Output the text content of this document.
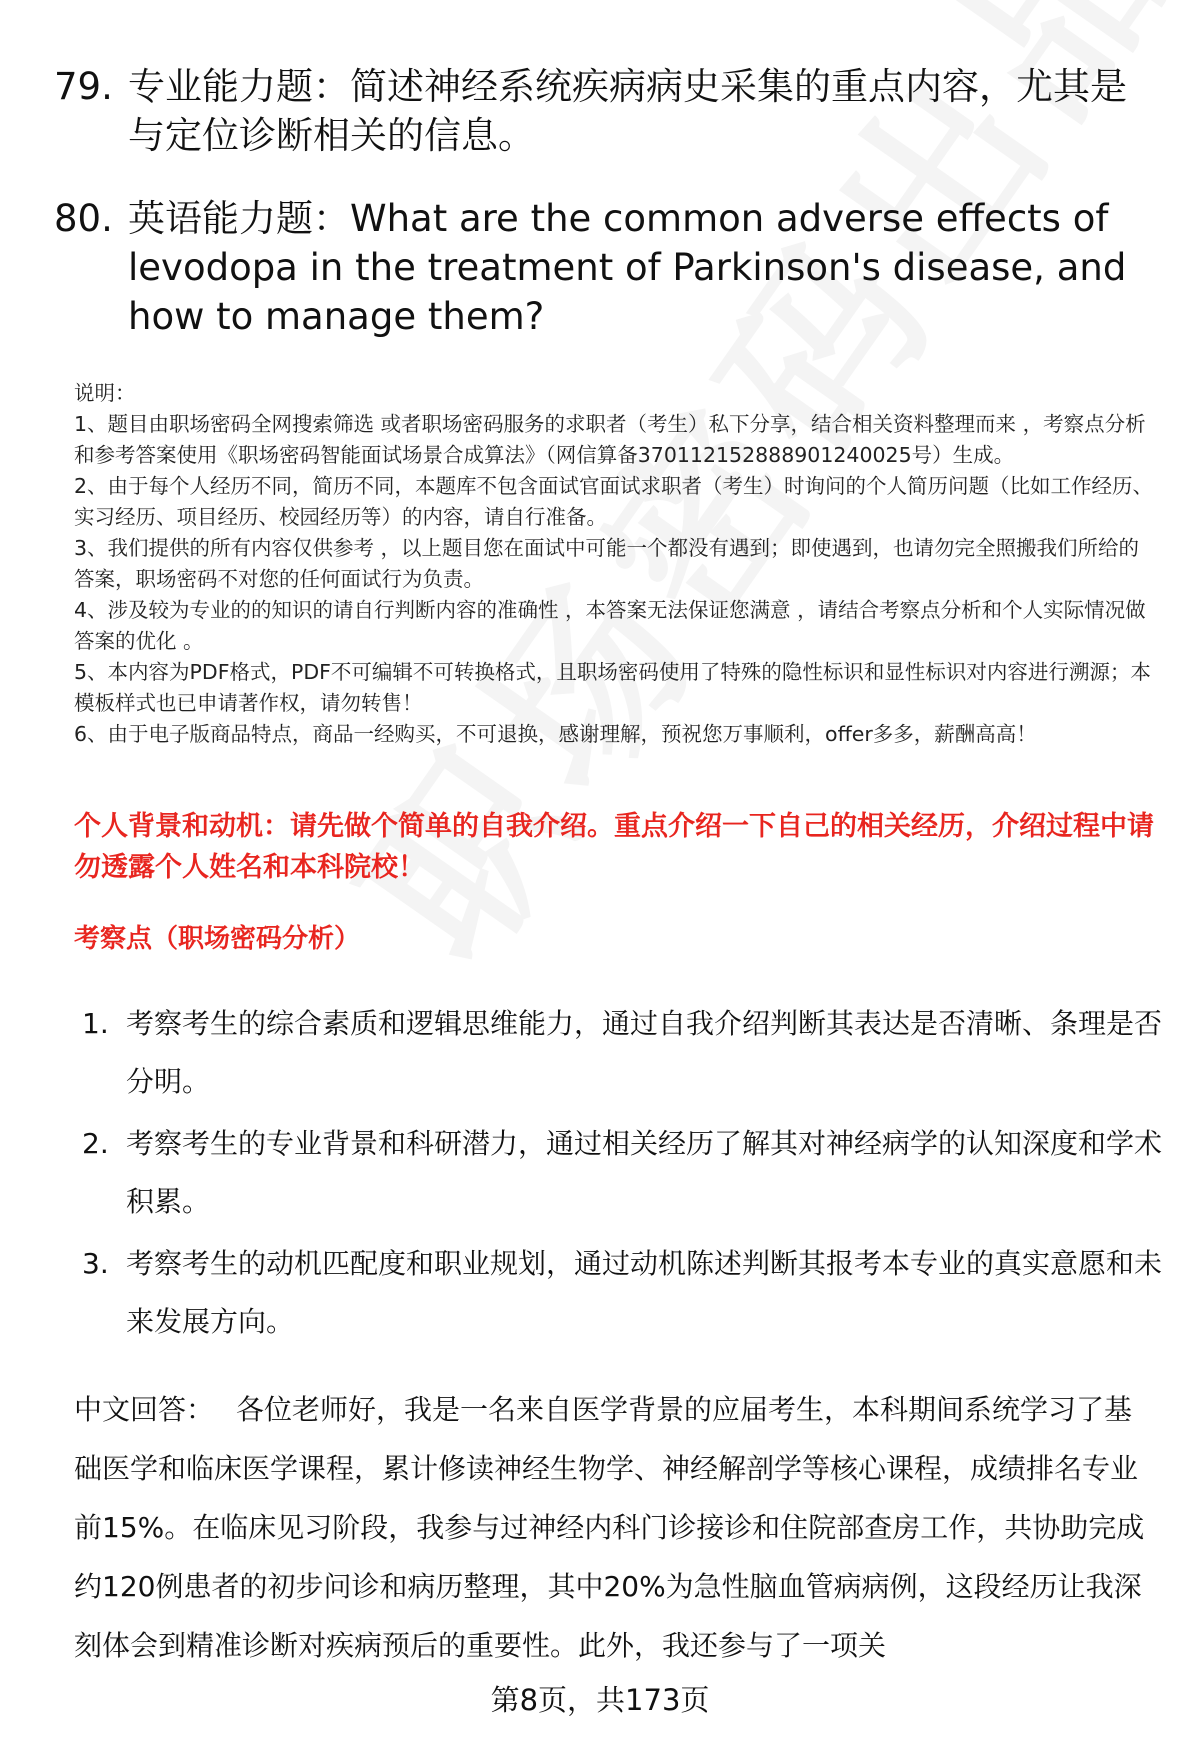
79. 专业能力题：简述神经系统疾病病史采集的重点内容，尤其是与定位诊断相关的信息。
80. 英语能力题：What are the common adverse effects of levodopa in the treatment of Parkinson's disease, and how to manage them?
说明：
1、题目由职场密码全网搜索筛选 或者职场密码服务的求职者（考生）私下分享，结合相关资料整理而来 ，考察点分析和参考答案使用《职场密码智能面试场景合成算法》（网信算备370112152888901240025号）生成。
2、由于每个人经历不同，简历不同，本题库不包含面试官面试求职者（考生）时询问的个人简历问题（比如工作经历、实习经历、项目经历、校园经历等）的内容，请自行准备。
3、我们提供的所有内容仅供参考 ，以上题目您在面试中可能一个都没有遇到；即使遇到，也请勿完全照搬我们所给的答案，职场密码不对您的任何面试行为负责。
4、涉及较为专业的的知识的请自行判断内容的准确性 ，本答案无法保证您满意 ，请结合考察点分析和个人实际情况做答案的优化 。
5、本内容为PDF格式，PDF不可编辑不可转换格式，且职场密码使用了特殊的隐性标识和显性标识对内容进行溯源；本模板样式也已申请著作权，请勿转售！
6、由于电子版商品特点，商品一经购买，不可退换，感谢理解，预祝您万事顺利，offer多多，薪酬高高！
个人背景和动机：请先做个简单的自我介绍。重点介绍一下自己的相关经历，介绍过程中请勿透露个人姓名和本科院校！
考察点（职场密码分析）
1. 考察考生的综合素质和逻辑思维能力，通过自我介绍判断其表达是否清晰、条理是否分明。
2. 考察考生的专业背景和科研潜力，通过相关经历了解其对神经病学的认知深度和学术积累。
3. 考察考生的动机匹配度和职业规划，通过动机陈述判断其报考本专业的真实意愿和未来发展方向。
中文回答： 各位老师好，我是一名来自医学背景的应届考生，本科期间系统学习了基础医学和临床医学课程，累计修读神经生物学、神经解剖学等核心课程，成绩排名专业前15%。在临床见习阶段，我参与过神经内科门诊接诊和住院部查房工作，共协助完成约120例患者的初步问诊和病历整理，其中20%为急性脑血管病病例，这段经历让我深刻体会到精准诊断对疾病预后的重要性。此外，我还参与了一项关
第8页，共173页
